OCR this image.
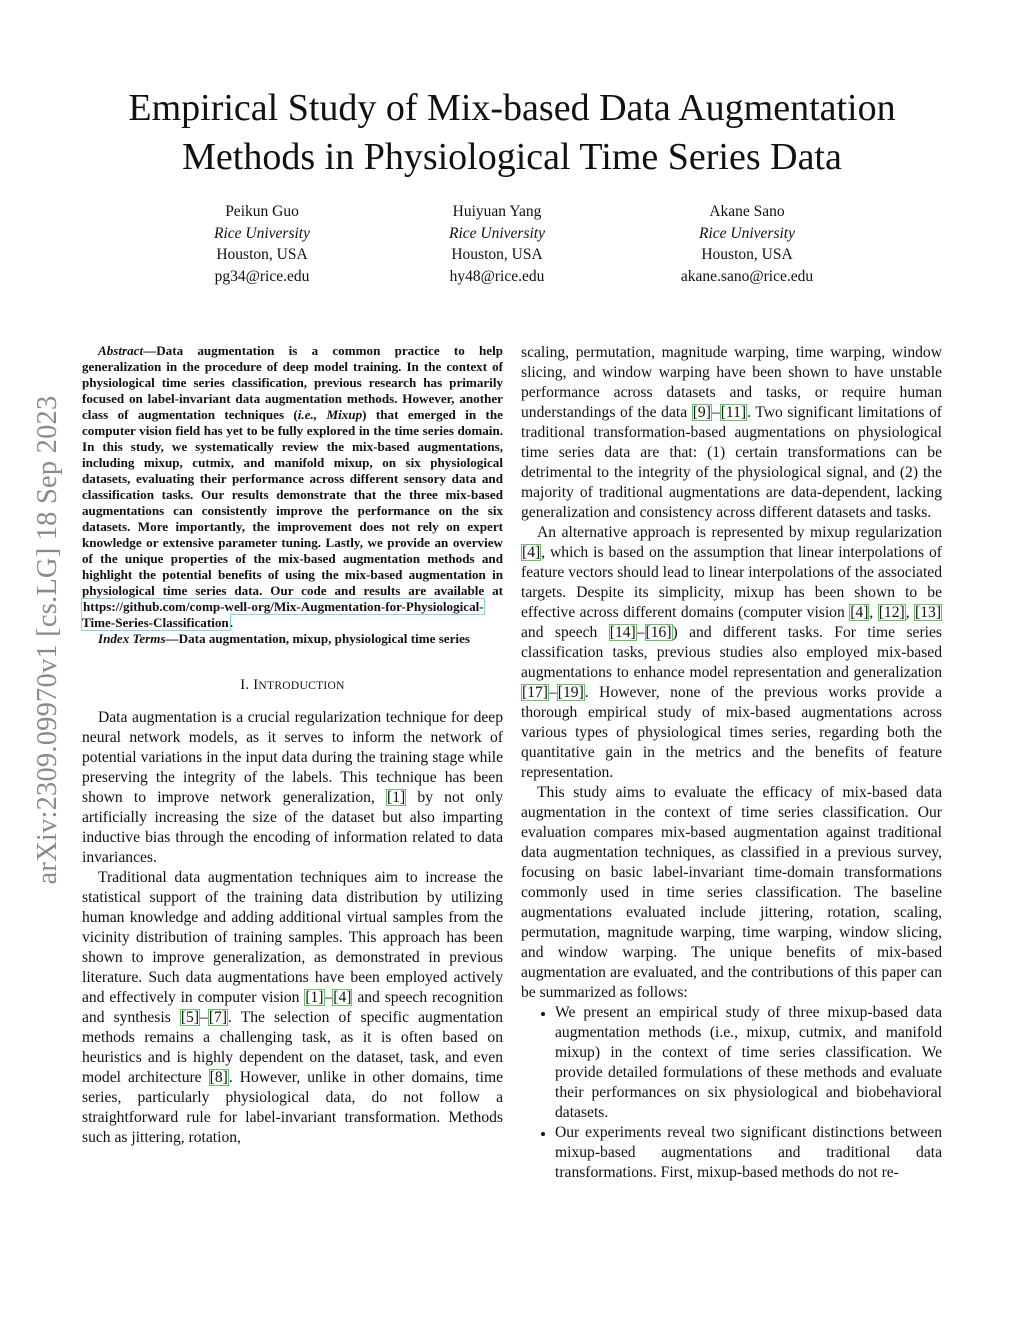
arXiv:2309.09970v1 [cs.LG] 18 Sep 2023
Empirical Study of Mix-based Data Augmentation
Methods in Physiological Time Series Data
Peikun Guo
Rice University
Houston, USA
pg34@rice.edu
Huiyuan Yang
Rice University
Houston, USA
hy48@rice.edu
Akane Sano
Rice University
Houston, USA
akane.sano@rice.edu

Abstract—Data augmentation is a common practice to help generalization in the procedure of deep model training. In the context of physiological time series classification, previous research has primarily focused on label-invariant data augmentation methods. However, another class of augmentation techniques (i.e., Mixup) that emerged in the computer vision field has yet to be fully explored in the time series domain. In this study, we systematically review the mix-based augmentations, including mixup, cutmix, and manifold mixup, on six physiological datasets, evaluating their performance across different sensory data and classification tasks. Our results demonstrate that the three mix-based augmentations can consistently improve the performance on the six datasets. More importantly, the improvement does not rely on expert knowledge or extensive parameter tuning. Lastly, we provide an overview of the unique properties of the mix-based augmentation methods and highlight the potential benefits of using the mix-based augmentation in physiological time series data. Our code and results are available at https://github.com/comp-well-org/Mix-Augmentation-for-Physiological-Time-Series-Classification.

Index Terms—Data augmentation, mixup, physiological time series

I. INTRODUCTION

Data augmentation is a crucial regularization technique for deep neural network models, as it serves to inform the network of potential variations in the input data during the training stage while preserving the integrity of the labels. This technique has been shown to improve network generalization, [1] by not only artificially increasing the size of the dataset but also imparting inductive bias through the encoding of information related to data invariances.

Traditional data augmentation techniques aim to increase the statistical support of the training data distribution by utilizing human knowledge and adding additional virtual samples from the vicinity distribution of training samples. This approach has been shown to improve generalization, as demonstrated in previous literature. Such data augmentations have been employed actively and effectively in computer vision [1]–[4] and speech recognition and synthesis [5]–[7]. The selection of specific augmentation methods remains a challenging task, as it is often based on heuristics and is highly dependent on the dataset, task, and even model architecture [8]. However, unlike in other domains, time series, particularly physiological data, do not follow a straightforward rule for label-invariant transformation. Methods such as jittering, rotation,

scaling, permutation, magnitude warping, time warping, window slicing, and window warping have been shown to have unstable performance across datasets and tasks, or require human understandings of the data [9]–[11]. Two significant limitations of traditional transformation-based augmentations on physiological time series data are that: (1) certain transformations can be detrimental to the integrity of the physiological signal, and (2) the majority of traditional augmentations are data-dependent, lacking generalization and consistency across different datasets and tasks.

An alternative approach is represented by mixup regularization [4], which is based on the assumption that linear interpolations of feature vectors should lead to linear interpolations of the associated targets. Despite its simplicity, mixup has been shown to be effective across different domains (computer vision [4], [12], [13] and speech [14]–[16]) and different tasks. For time series classification tasks, previous studies also employed mix-based augmentations to enhance model representation and generalization [17]–[19]. However, none of the previous works provide a thorough empirical study of mix-based augmentations across various types of physiological times series, regarding both the quantitative gain in the metrics and the benefits of feature representation.

This study aims to evaluate the efficacy of mix-based data augmentation in the context of time series classification. Our evaluation compares mix-based augmentation against traditional data augmentation techniques, as classified in a previous survey, focusing on basic label-invariant time-domain transformations commonly used in time series classification. The baseline augmentations evaluated include jittering, rotation, scaling, permutation, magnitude warping, time warping, window slicing, and window warping. The unique benefits of mix-based augmentation are evaluated, and the contributions of this paper can be summarized as follows:

• We present an empirical study of three mixup-based data augmentation methods (i.e., mixup, cutmix, and manifold mixup) in the context of time series classification. We provide detailed formulations of these methods and evaluate their performances on six physiological and biobehavioral datasets.
• Our experiments reveal two significant distinctions between mixup-based augmentations and traditional data transformations. First, mixup-based methods do not re-
